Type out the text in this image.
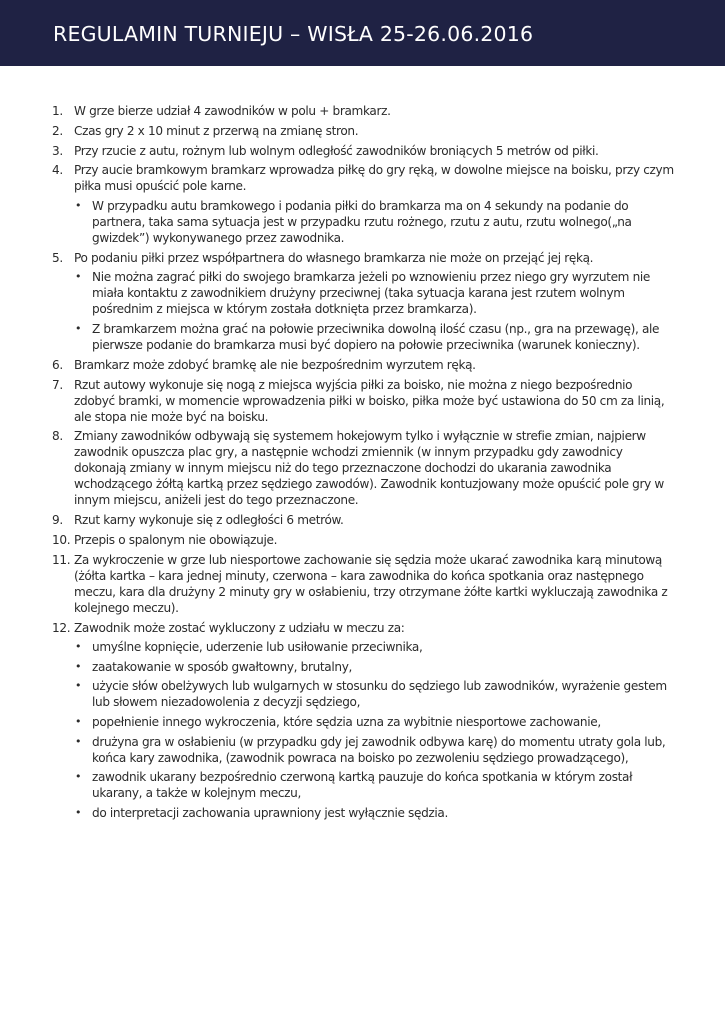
REGULAMIN TURNIEJU – WISŁA 25-26.06.2016
1. W grze bierze udział 4 zawodników w polu + bramkarz.
2. Czas gry 2 x 10 minut z przerwą na zmianę stron.
3. Przy rzucie z autu, rożnym lub wolnym odległość zawodników broniących 5 metrów od piłki.
4. Przy aucie bramkowym bramkarz wprowadza piłkę do gry ręką, w dowolne miejsce na boisku, przy czym piłka musi opuścić pole karne.
• W przypadku autu bramkowego i podania piłki do bramkarza ma on 4 sekundy na podanie do partnera, taka sama sytuacja jest w przypadku rzutu rożnego, rzutu z autu, rzutu wolnego(„na gwizdek”) wykonywanego przez zawodnika.
5. Po podaniu piłki przez współpartnera do własnego bramkarza nie może on przejąć jej ręką.
• Nie można zagrać piłki do swojego bramkarza jeżeli po wznowieniu przez niego gry wyrzutem nie miała kontaktu z zawodnikiem drużyny przeciwnej (taka sytuacja karana jest rzutem wolnym pośrednim z miejsca w którym została dotknięta przez bramkarza).
• Z bramkarzem można grać na połowie przeciwnika dowolną ilość czasu (np., gra na przewagę), ale pierwsze podanie do bramkarza musi być dopiero na połowie przeciwnika (warunek konieczny).
6. Bramkarz może zdobyć bramkę ale nie bezpośrednim wyrzutem ręką.
7. Rzut autowy wykonuje się nogą z miejsca wyjścia piłki za boisko, nie można z niego bezpośrednio zdobyć bramki, w momencie wprowadzenia piłki w boisko, piłka może być ustawiona do 50 cm za linią, ale stopa nie może być na boisku.
8. Zmiany zawodników odbywają się systemem hokejowym tylko i wyłącznie w strefie zmian, najpierw zawodnik opuszcza plac gry, a następnie wchodzi zmiennik (w innym przypadku gdy zawodnicy dokonają zmiany w innym miejscu niż do tego przeznaczone dochodzi do ukarania zawodnika wchodzącego żółtą kartką przez sędziego zawodów). Zawodnik kontuzjowany może opuścić pole gry w innym miejscu, aniżeli jest do tego przeznaczone.
9. Rzut karny wykonuje się z odległości 6 metrów.
10. Przepis o spalonym nie obowiązuje.
11. Za wykroczenie w grze lub niesportowe zachowanie się sędzia może ukarać zawodnika karą minutową (żółta kartka – kara jednej minuty, czerwona – kara zawodnika do końca spotkania oraz następnego meczu, kara dla drużyny 2 minuty gry w osłabieniu, trzy otrzymane żółte kartki wykluczają zawodnika z kolejnego meczu).
12. Zawodnik może zostać wykluczony z udziału w meczu za:
• umyślne kopnięcie, uderzenie lub usiłowanie przeciwnika,
• zaatakowanie w sposób gwałtowny, brutalny,
• użycie słów obelżywych lub wulgarnych w stosunku do sędziego lub zawodników, wyrażenie gestem lub słowem niezadowolenia z decyzji sędziego,
• popełnienie innego wykroczenia, które sędzia uzna za wybitnie niesportowe zachowanie,
• drużyna gra w osłabieniu (w przypadku gdy jej zawodnik odbywa karę) do momentu utraty gola lub, końca kary zawodnika, (zawodnik powraca na boisko po zezwoleniu sędziego prowadzącego),
• zawodnik ukarany bezpośrednio czerwoną kartką pauzuje do końca spotkania w którym został ukarany, a także w kolejnym meczu,
• do interpretacji zachowania uprawniony jest wyłącznie sędzia.
